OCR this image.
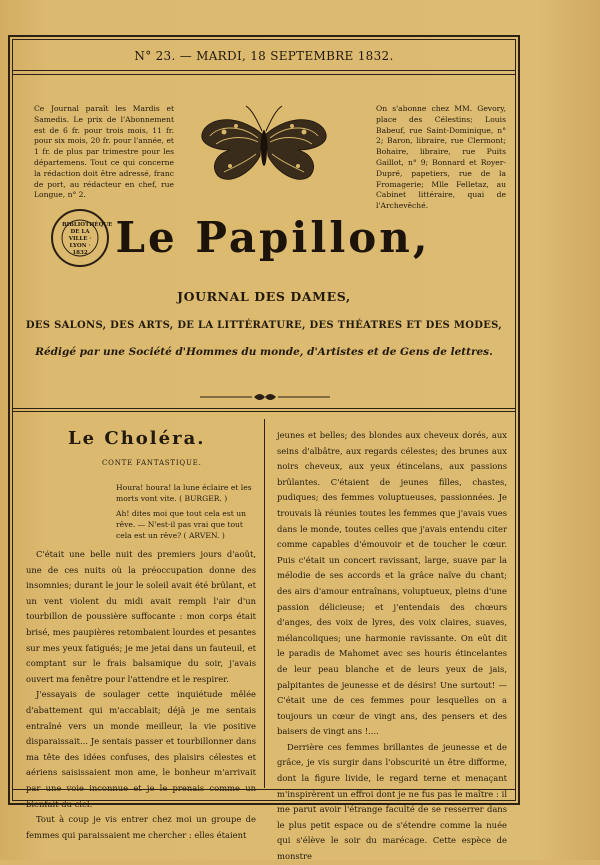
N° 23. — MARDI, 18 SEPTEMBRE 1832.
Ce Journal paraît les Mardis et Samedis. Le prix de l'Abonnement est de 6 fr. pour trois mois, 11 fr. pour six mois, 20 fr. pour l'année, et 1 fr. de plus par trimestre pour les départemens. Tout ce qui concerne la rédaction doit être adressé, franc de port, au rédacteur en chef, rue Longue, n° 2.
On s'abonne chez MM. Gevory, place des Célestins; Louis Babeuf, rue Saint-Dominique, n° 2; Baron, libraire, rue Clermont; Bohaire, libraire, rue Puits Gaillot, n° 9; Bonnard et Royer-Dupré, papetiers, rue de la Fromagerie; Mlle Felletaz, au Cabinet littéraire, quai de l'Archevêché.
BIBLIOTHÈQUE DE LA VILLE · LYON · 1832 Le Papillon,
JOURNAL DES DAMES,
DES SALONS, DES ARTS, DE LA LITTÉRATURE, DES THÉATRES ET DES MODES,
Rédigé par une Société d'Hommes du monde, d'Artistes et de Gens de lettres.
Le Choléra.
CONTE FANTASTIQUE.
Houra! houra! la lune éclaire et les morts vont vite. ( BURGER. )
Ah! dites moi que tout cela est un rêve. — N'est-il pas vrai que tout cela est un rêve? ( ARVEN. )

C'était une belle nuit des premiers jours d'août, une de ces nuits où la préoccupation donne des insomnies; durant le jour le soleil avait été brûlant, et un vent violent du midi avait rempli l'air d'un tourbillon de poussière suffocante : mon corps était brisé, mes paupières retombaient lourdes et pesantes sur mes yeux fatigués; je me jetai dans un fauteuil, et comptant sur le frais balsamique du soir, j'avais ouvert ma fenêtre pour l'attendre et le respirer.

J'essayais de soulager cette inquiétude mêlée d'abattement qui m'accablait; déjà je me sentais entraîné vers un monde meilleur, la vie positive disparaissait... Je sentais passer et tourbillonner dans ma tête des idées confuses, des plaisirs célestes et aériens saisissaient mon ame, le bonheur m'arrivait par une voie inconnue et je le prenais comme un bienfait du ciel.

Tout à coup je vis entrer chez moi un groupe de femmes qui paraissaient me chercher : elles étaient

jeunes et belles; des blondes aux cheveux dorés, aux seins d'albâtre, aux regards célestes; des brunes aux noirs cheveux, aux yeux étincelans, aux passions brûlantes. C'étaient de jeunes filles, chastes, pudiques; des femmes voluptueuses, passionnées. Je trouvais là réunies toutes les femmes que j'avais vues dans le monde, toutes celles que j'avais entendu citer comme capables d'émouvoir et de toucher le cœur. Puis c'était un concert ravissant, large, suave par la mélodie de ses accords et la grâce naïve du chant; des airs d'amour entraînans, voluptueux, pleins d'une passion délicieuse; et j'entendais des chœurs d'anges, des voix de lyres, des voix claires, suaves, mélancoliques; une harmonie ravissante. On eût dit le paradis de Mahomet avec ses houris étincelantes de leur peau blanche et de leurs yeux de jais, palpitantes de jeunesse et de désirs! Une surtout! — C'était une de ces femmes pour lesquelles on a toujours un cœur de vingt ans, des pensers et des baisers de vingt ans !....

Derrière ces femmes brillantes de jeunesse et de grâce, je vis surgir dans l'obscurité un être difforme, dont la figure livide, le regard terne et menaçant m'inspirèrent un effroi dont je ne fus pas le maître : il me parut avoir l'étrange faculté de se resserrer dans le plus petit espace ou de s'étendre comme la nuée qui s'élève le soir du marécage. Cette espèce de monstre
